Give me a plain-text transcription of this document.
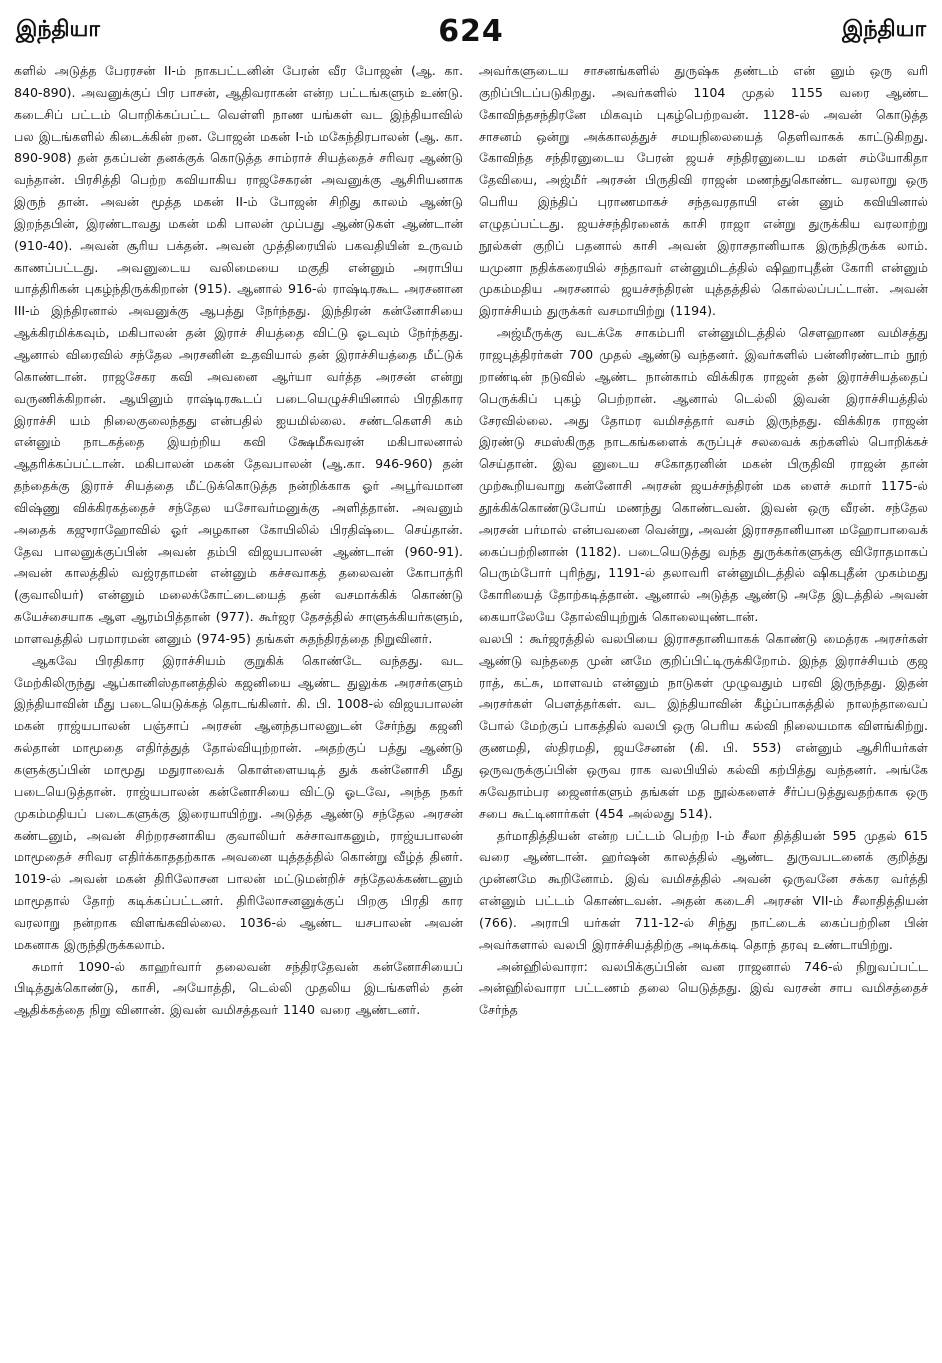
இந்தியா	624	இந்தியா

களில் அடுத்த பேரரசன் II-ம் நாகபட்டனின் பேரன் வீர போஜன் (ஆ. கா. 840-890). அவனுக்குப் பிர பாசன், ஆதிவராகன் என்ற பட்டங்களும் உண்டு. கடைசிப் பட்டம் பொறிக்கப்பட்ட வெள்ளி நாண யங்கள் வட இந்தியாவில் பல இடங்களில் கிடைக்கின் றன. போஜன் மகன் I-ம் மகேந்திரபாலன் (ஆ. கா. 890-908) தன் தகப்பன் தனக்குக் கொடுத்த சாம்ராச் சியத்தைச் சரிவர ஆண்டு வந்தான். பிரசித்தி பெற்ற கவியாகிய ராஜசேகரன் அவனுக்கு ஆசிரியனாக இருந் தான். அவன் மூத்த மகன் II-ம் போஜன் சிறிது காலம் ஆண்டு இறந்தபின், இரண்டாவது மகன் மகி பாலன் முப்பது ஆண்டுகள் ஆண்டான் (910-40). அவன் சூரிய பக்தன். அவன் முத்திரையில் பகவதியின் உருவம் காணப்பட்டது. அவனுடைய வலிமையை மகுதி என்னும் அராபிய யாத்திரிகன் புகழ்ந்திருக்கிறான் (915). ஆனால் 916-ல் ராஷ்டிரகூட அரசனான III-ம் இந்திரனால் அவனுக்கு ஆபத்து நேர்ந்தது. இந்திரன் கன்னோசியை ஆக்கிரமிக்கவும், மகிபாலன் தன் இராச் சியத்தை விட்டு ஓடவும் நேர்ந்தது. ஆனால் விரைவில் சந்தேல அரசனின் உதவியால் தன் இராச்சியத்தை மீட்டுக் கொண்டான். ராஜசேகர கவி அவனை ஆர்யா வர்த்த அரசன் என்று வருணிக்கிறான். ஆயினும் ராஷ்டிரகூடப் படையெழுச்சியினால் பிரதிகார இராச்சி யம் நிலைகுலைந்தது என்பதில் ஐயமில்லை. சண்டகௌசி கம் என்னும் நாடகத்தை இயற்றிய கவி க்ஷேமீசுவரன் மகிபாலனால் ஆதரிக்கப்பட்டான். மகிபாலன் மகன் தேவபாலன் (ஆ.கா. 946-960) தன் தந்தைக்கு இராச் சியத்தை மீட்டுக்கொடுத்த நன்றிக்காக ஓர் அபூர்வமான விஷ்ணு விக்கிரகத்தைச் சந்தேல யசோவர்மனுக்கு அளித்தான். அவனும் அதைக் கஜுராஹோவில் ஓர் அழகான கோயிலில் பிரதிஷ்டை செய்தான். தேவ பாலனுக்குப்பின் அவன் தம்பி விஜயபாலன் ஆண்டான் (960-91). அவன் காலத்தில் வஜ்ரதாமன் என்னும் கச்சவாகத் தலைவன் கோபாத்ரி (குவாலியர்) என்னும் மலைக்கோட்டையைத் தன் வசமாக்கிக் கொண்டு சுயேச்சையாக ஆள ஆரம்பித்தான் (977). கூர்ஜர தேசத்தில் சாளுக்கியர்களும், மாளவத்தில் பரமாரமன் னனும் (974-95) தங்கள் சுதந்திரத்தை நிறுவினர்.

ஆகவே பிரதிகார இராச்சியம் குறுகிக் கொண்டே வந்தது. வட மேற்கிலிருந்து ஆப்கானிஸ்தானத்தில் கஜனியை ஆண்ட துலுக்க அரசர்களும் இந்தியாவின் மீது படையெடுக்கத் தொடங்கினர். கி. பி. 1008-ல் விஜயபாலன் மகன் ராஜ்யபாலன் பஞ்சாப் அரசன் ஆனந்தபாலனுடன் சேர்ந்து கஜனி சுல்தான் மாமூதை எதிர்த்துத் தோல்வியுற்றான். அதற்குப் பத்து ஆண்டு களுக்குப்பின் மாமூது மதுராவைக் கொள்ளையடித் துக் கன்னோசி மீது படையெடுத்தான். ராஜ்யபாலன் கன்னோசியை விட்டு ஓடவே, அந்த நகர் முகம்மதியப் படைகளுக்கு இரையாயிற்று. அடுத்த ஆண்டு சந்தேல அரசன் கண்டனும், அவன் சிற்றரசனாகிய குவாலியர் கச்சாவாகனும், ராஜ்யபாலன் மாமூதைச் சரிவர எதிர்க்காததற்காக அவனை யுத்தத்தில் கொன்று வீழ்த் தினர். 1019-ல் அவன் மகன் திரிலோசன பாலன் மட்டுமன்றிச் சந்தேலக்கண்டனும் மாமூதால் தோற் கடிக்கப்பட்டனர். திரிலோசனனுக்குப் பிறகு பிரதி கார வரலாறு நன்றாக விளங்கவில்லை. 1036-ல் ஆண்ட யசபாலன் அவன் மகனாக இருந்திருக்கலாம்.

சுமார் 1090-ல் காஹர்வார் தலைவன் சந்திரதேவன் கன்னோசியைப் பிடித்துக்கொண்டு, காசி, அயோத்தி, டெல்லி முதலிய இடங்களில் தன் ஆதிக்கத்தை நிறு வினான். இவன் வமிசத்தவர் 1140 வரை ஆண்டனர்.

அவர்களுடைய சாசனங்களில் துருஷ்க தண்டம் என் னும் ஒரு வரி குறிப்பிடப்படுகிறது. அவர்களில் 1104 முதல் 1155 வரை ஆண்ட கோவிந்தசந்திரனே மிகவும் புகழ்பெற்றவன். 1128-ல் அவன் கொடுத்த சாசனம் ஒன்று அக்காலத்துச் சமயநிலையைத் தெளிவாகக் காட்டுகிறது. கோவிந்த சந்திரனுடைய பேரன் ஜயச் சந்திரனுடைய மகள் சம்யோகிதா தேவியை, அஜ்மீர் அரசன் பிருதிவி ராஜன் மணந்துகொண்ட வரலாறு ஒரு பெரிய இந்திப் புராணமாகச் சந்தவரதாயி என் னும் கவியினால் எழுதப்பட்டது. ஜயச்சந்திரனைக் காசி ராஜா என்று துருக்கிய வரலாற்று நூல்கள் குறிப் பதனால் காசி அவன் இராசதானியாக இருந்திருக்க லாம். யமுனா நதிக்கரையில் சந்தாவர் என்னுமிடத்தில் ஷிஹாபுதீன் கோரி என்னும் முகம்மதிய அரசனால் ஜயச்சந்திரன் யுத்தத்தில் கொல்லப்பட்டான். அவன் இராச்சியம் துருக்கர் வசமாயிற்று (1194).

அஜ்மீருக்கு வடக்கே சாகம்பரி என்னுமிடத்தில் சௌஹாண வமிசத்து ராஜபுத்திரர்கள் 700 முதல் ஆண்டு வந்தனர். இவர்களில் பன்னிரண்டாம் நூற் றாண்டின் நடுவில் ஆண்ட நான்காம் விக்கிரக ராஜன் தன் இராச்சியத்தைப் பெருக்கிப் புகழ் பெற்றான். ஆனால் டெல்லி இவன் இராச்சியத்தில் சேரவில்லை. அது தோமர வமிசத்தார் வசம் இருந்தது. விக்கிரக ராஜன் இரண்டு சமஸ்கிருத நாடகங்களைக் கருப்புச் சலவைக் கற்களில் பொறிக்கச் செய்தான். இவ னுடைய சகோதரனின் மகன் பிருதிவி ராஜன் தான் முற்கூறியவாறு கன்னோசி அரசன் ஜயச்சந்திரன் மக ளைச் சுமார் 1175-ல் தூக்கிக்கொண்டுபோய் மணந்து கொண்டவன். இவன் ஒரு வீரன். சந்தேல அரசன் பர்மால் என்பவனை வென்று, அவன் இராசதானியான மஹோபாவைக் கைப்பற்றினான் (1182). படையெடுத்து வந்த துருக்கர்களுக்கு விரோதமாகப் பெரும்போர் புரிந்து, 1191-ல் தலாவரி என்னுமிடத்தில் ஷிகபுதீன் முகம்மது கோரியைத் தோற்கடித்தான். ஆனால் அடுத்த ஆண்டு அதே இடத்தில் அவன் கையாலேயே தோல்வியுற்றுக் கொலையுண்டான்.

வலபி : கூர்ஜரத்தில் வலபியை இராசதானியாகக் கொண்டு மைத்ரக அரசர்கள் ஆண்டு வந்ததை முன் னமே குறிப்பிட்டிருக்கிறோம். இந்த இராச்சியம் குஜ ராத், கட்சு, மாளவம் என்னும் நாடுகள் முழுவதும் பரவி இருந்தது. இதன் அரசர்கள் பௌத்தர்கள். வட இந்தியாவின் கீழ்ப்பாகத்தில் நாலந்தாவைப் போல் மேற்குப் பாகத்தில் வலபி ஒரு பெரிய கல்வி நிலையமாக விளங்கிற்று. குணமதி, ஸ்திரமதி, ஜயசேனன் (கி. பி. 553) என்னும் ஆசிரியர்கள் ஒருவருக்குப்பின் ஒருவ ராக வலபியில் கல்வி கற்பித்து வந்தனர். அங்கே சுவேதாம்பர ஜைனர்களும் தங்கள் மத நூல்களைச் சீர்ப்படுத்துவதற்காக ஒரு சபை கூட்டினார்கள் (454 அல்லது 514).

தர்மாதித்தியன் என்ற பட்டம் பெற்ற I-ம் சீலா தித்தியன் 595 முதல் 615 வரை ஆண்டான். ஹர்ஷன் காலத்தில் ஆண்ட துருவபடனைக் குறித்து முன்னமே கூறினோம். இவ் வமிசத்தில் அவன் ஒருவனே சக்கர வர்த்தி என்னும் பட்டம் கொண்டவன். அதன் கடைசி அரசன் VII-ம் சீலாதித்தியன் (766). அராபி யர்கள் 711-12-ல் சிந்து நாட்டைக் கைப்பற்றின பின் அவர்களால் வலபி இராச்சியத்திற்கு அடிக்கடி தொந் தரவு உண்டாயிற்று.

அன்ஹில்வாரா: வலபிக்குப்பின் வன ராஜனால் 746-ல் நிறுவப்பட்ட அன்ஹில்வாரா பட்டணம் தலை யெடுத்தது. இவ் வரசன் சாப வமிசத்தைச் சேர்ந்த
